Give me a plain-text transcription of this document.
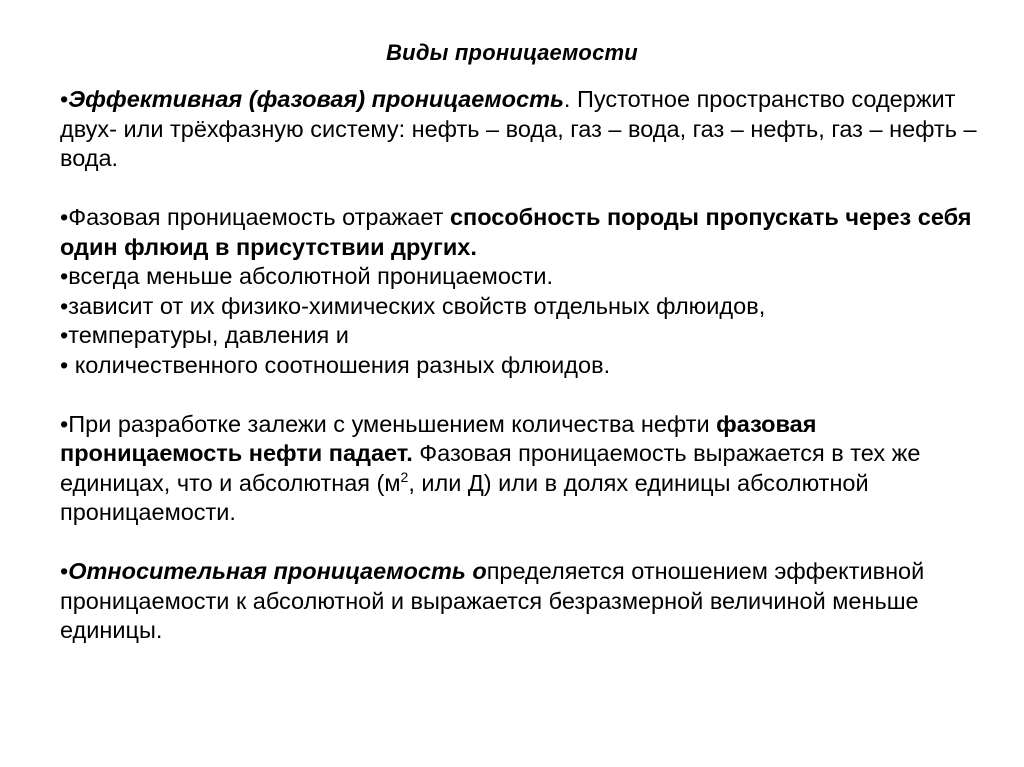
Виды проницаемости

•Эффективная (фазовая) проницаемость. Пустотное пространство содержит двух- или трёхфазную систему: нефть – вода, газ – вода, газ – нефть, газ – нефть – вода.

•Фазовая проницаемость отражает способность породы пропускать через себя один флюид в присутствии других.

•всегда меньше абсолютной проницаемости.

•зависит от их физико-химических свойств отдельных флюидов,

•температуры, давления и

• количественного соотношения разных флюидов.

•При разработке залежи с уменьшением количества нефти фазовая проницаемость нефти падает. Фазовая проницаемость выражается в тех же единицах, что и абсолютная ($м^2$, или Д) или в долях единицы абсолютной проницаемости.

•Относительная проницаемость определяется отношением эффективной проницаемости к абсолютной и выражается безразмерной величиной меньше единицы.
